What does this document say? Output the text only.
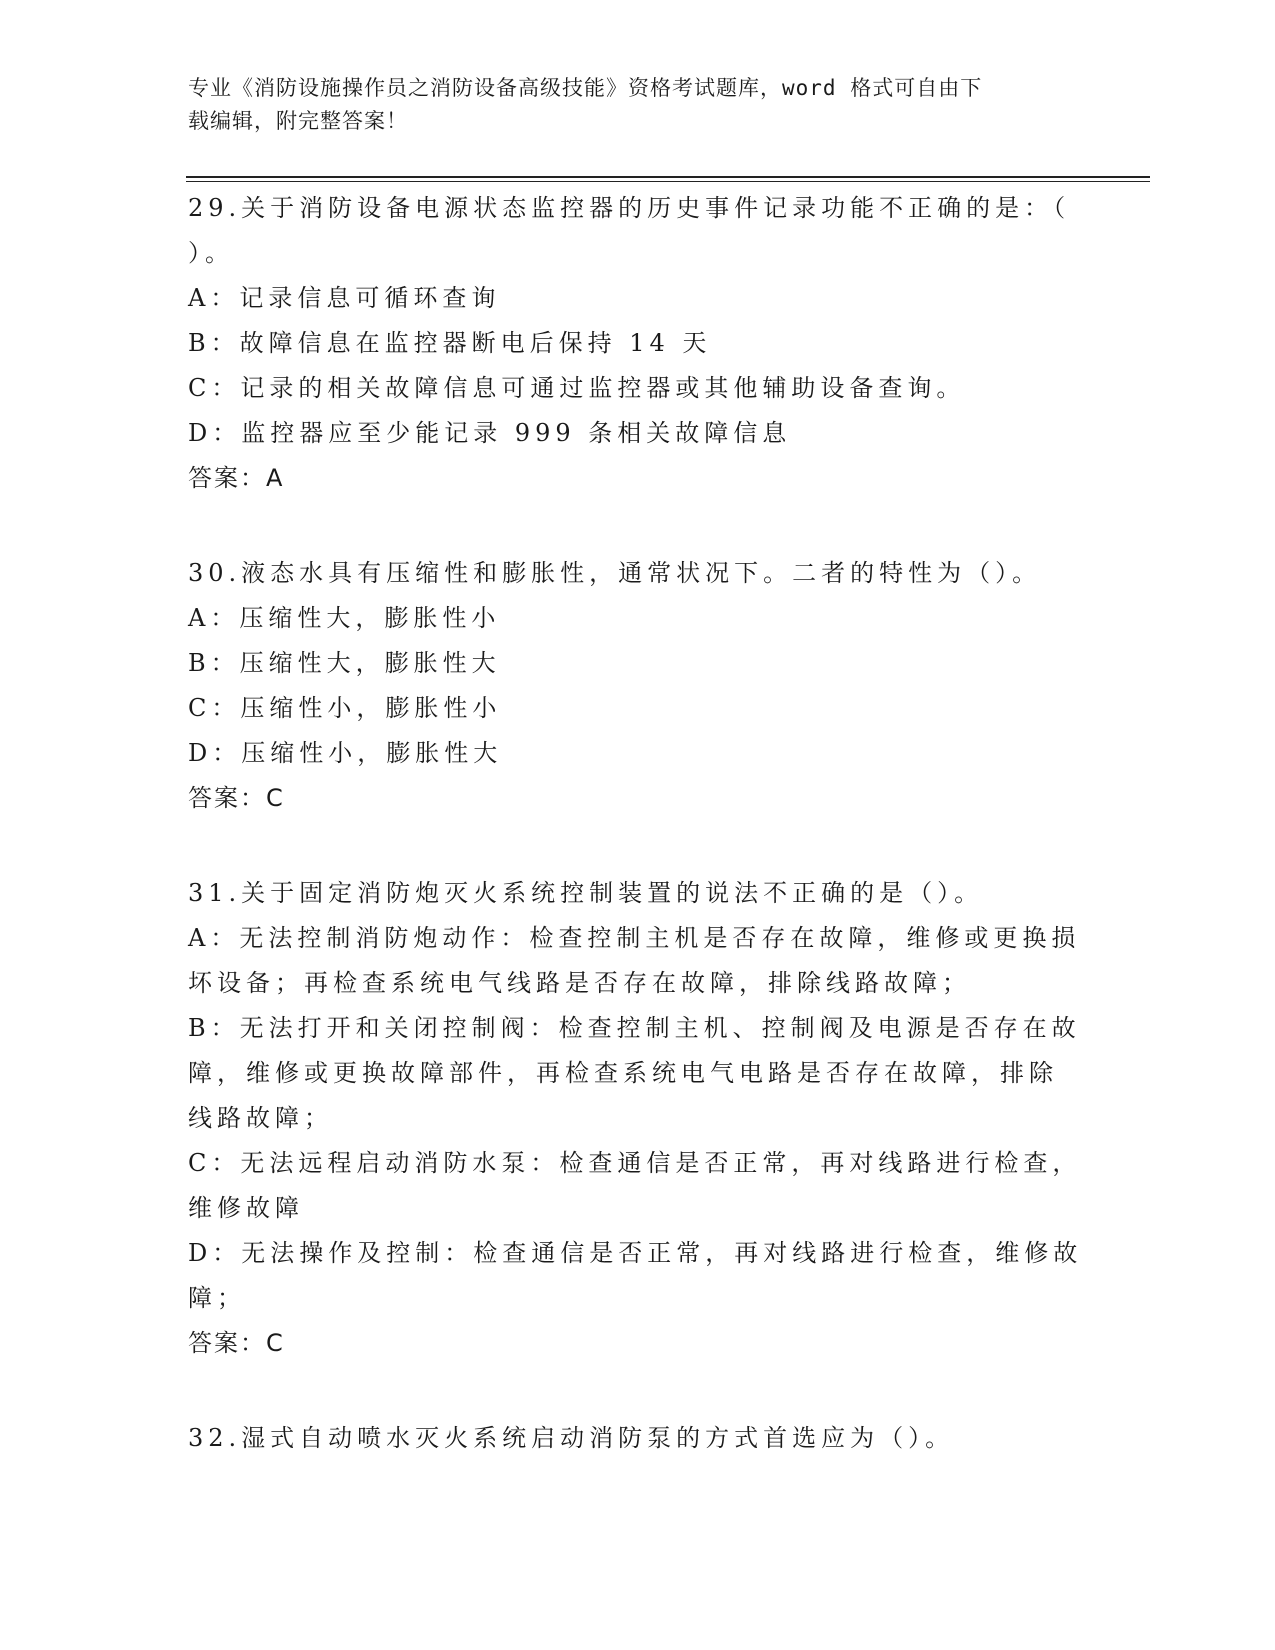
专业《消防设施操作员之消防设备高级技能》资格考试题库，word 格式可自由下
载编辑，附完整答案！
29.关于消防设备电源状态监控器的历史事件记录功能不正确的是：（
）。
A：记录信息可循环查询
B：故障信息在监控器断电后保持 14 天
C：记录的相关故障信息可通过监控器或其他辅助设备查询。
D：监控器应至少能记录 999 条相关故障信息
答案：A
30.液态水具有压缩性和膨胀性，通常状况下。二者的特性为（）。
A：压缩性大，膨胀性小
B：压缩性大，膨胀性大
C：压缩性小，膨胀性小
D：压缩性小，膨胀性大
答案：C
31.关于固定消防炮灭火系统控制装置的说法不正确的是（）。
A：无法控制消防炮动作：检查控制主机是否存在故障，维修或更换损
坏设备；再检查系统电气线路是否存在故障，排除线路故障；
B：无法打开和关闭控制阀：检查控制主机、控制阀及电源是否存在故
障，维修或更换故障部件，再检查系统电气电路是否存在故障，排除
线路故障；
C：无法远程启动消防水泵：检查通信是否正常，再对线路进行检查，
维修故障
D：无法操作及控制：检查通信是否正常，再对线路进行检查，维修故
障；
答案：C
32.湿式自动喷水灭火系统启动消防泵的方式首选应为（）。
